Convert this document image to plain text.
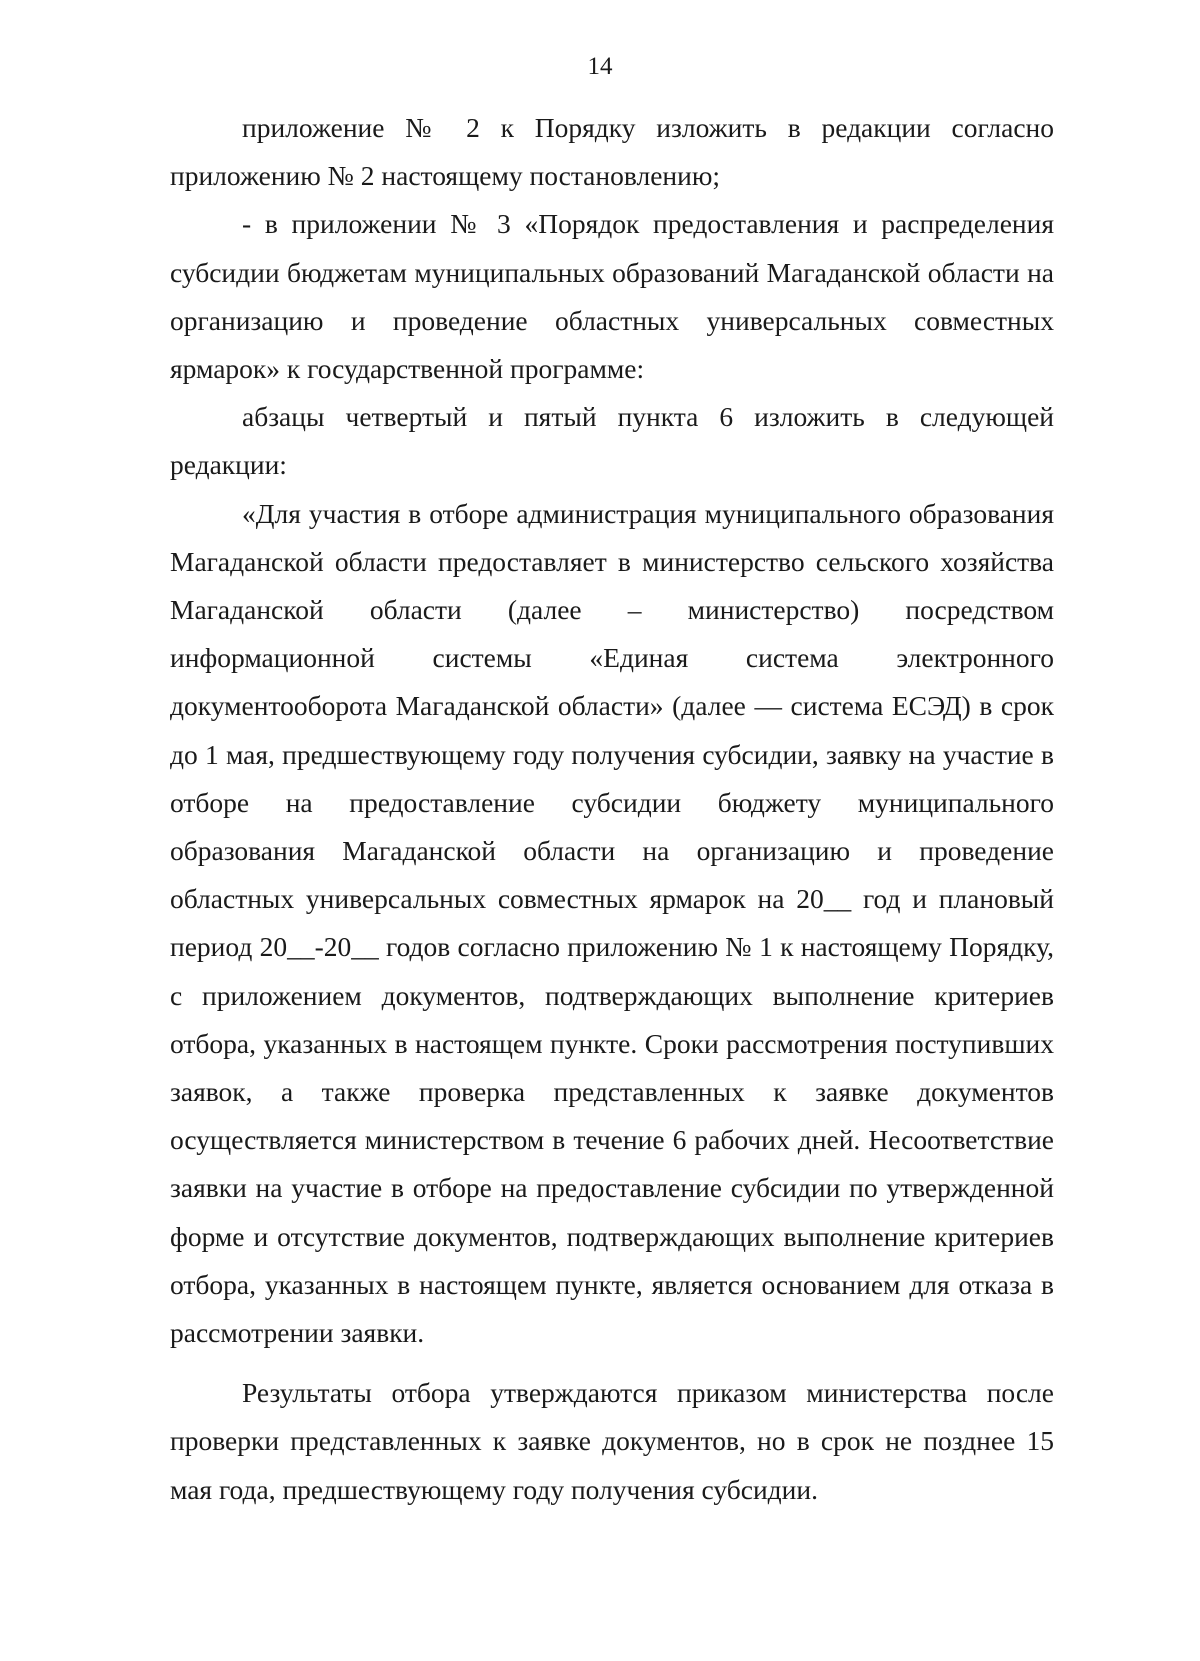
14

приложение № 2 к Порядку изложить в редакции согласно приложению № 2 настоящему постановлению;

- в приложении № 3 «Порядок предоставления и распределения субсидии бюджетам муниципальных образований Магаданской области на организацию и проведение областных универсальных совместных ярмарок» к государственной программе:

абзацы четвертый и пятый пункта 6 изложить в следующей редакции:

«Для участия в отборе администрация муниципального образования Магаданской области предоставляет в министерство сельского хозяйства Магаданской области (далее – министерство) посредством информационной системы «Единая система электронного документооборота Магаданской области» (далее — система ЕСЭД) в срок до 1 мая, предшествующему году получения субсидии, заявку на участие в отборе на предоставление субсидии бюджету муниципального образования Магаданской области на организацию и проведение областных универсальных совместных ярмарок на 20__ год и плановый период 20__-20__ годов согласно приложению № 1 к настоящему Порядку, с приложением документов, подтверждающих выполнение критериев отбора, указанных в настоящем пункте. Сроки рассмотрения поступивших заявок, а также проверка представленных к заявке документов осуществляется министерством в течение 6 рабочих дней. Несоответствие заявки на участие в отборе на предоставление субсидии по утвержденной форме и отсутствие документов, подтверждающих выполнение критериев отбора, указанных в настоящем пункте, является основанием для отказа в рассмотрении заявки.

Результаты отбора утверждаются приказом министерства после проверки представленных к заявке документов, но в срок не позднее 15 мая года, предшествующему году получения субсидии.
